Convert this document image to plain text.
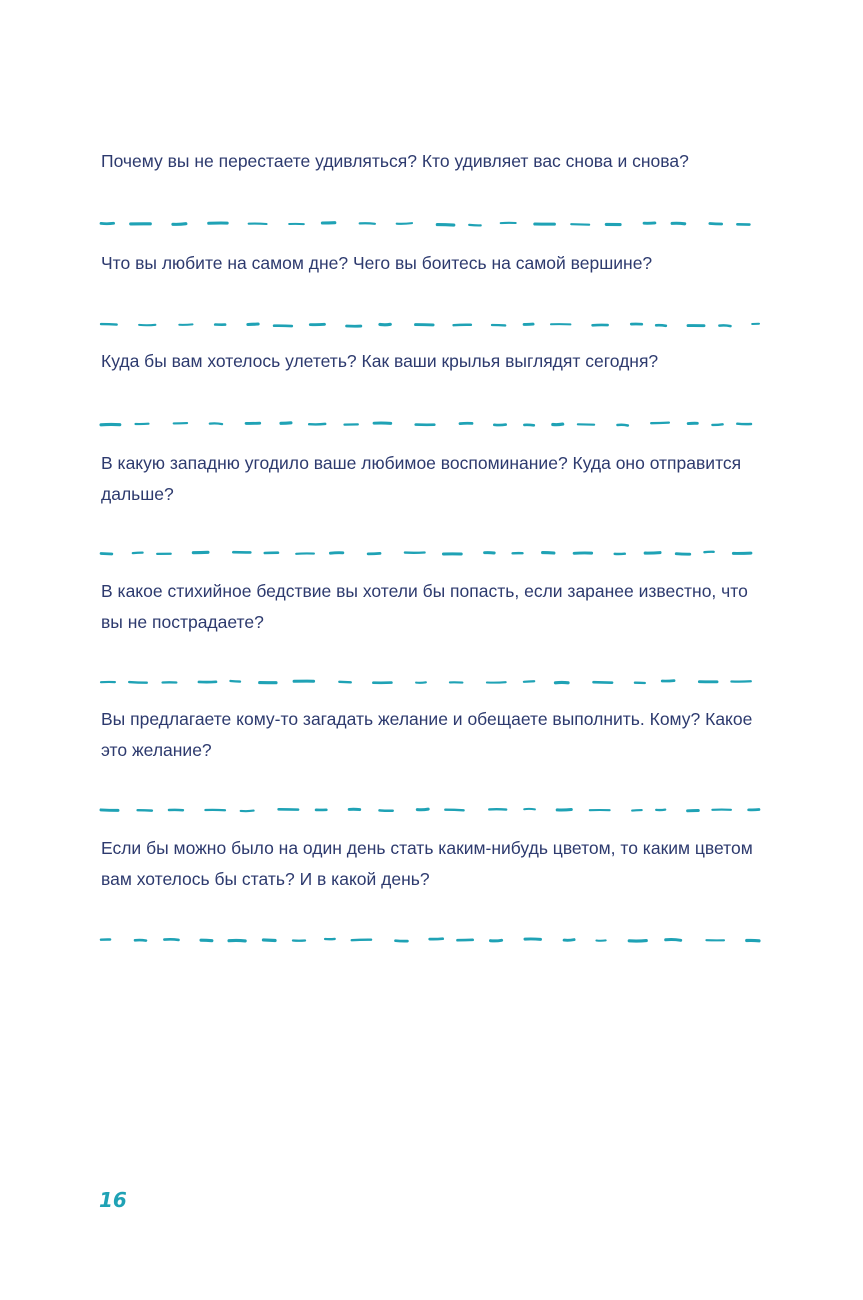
Почему вы не перестаете удивляться? Кто удивляет вас снова и снова?

Что вы любите на самом дне? Чего вы боитесь на самой вершине?

Куда бы вам хотелось улететь? Как ваши крылья выглядят сегодня?

В какую западню угодило ваше любимое воспоминание? Куда оно отправится дальше?

В какое стихийное бедствие вы хотели бы попасть, если заранее известно, что вы не пострадаете?

Вы предлагаете кому-то загадать желание и обещаете выполнить. Кому? Какое это желание?

Если бы можно было на один день стать каким-нибудь цветом, то каким цветом вам хотелось бы стать? И в какой день?

16
